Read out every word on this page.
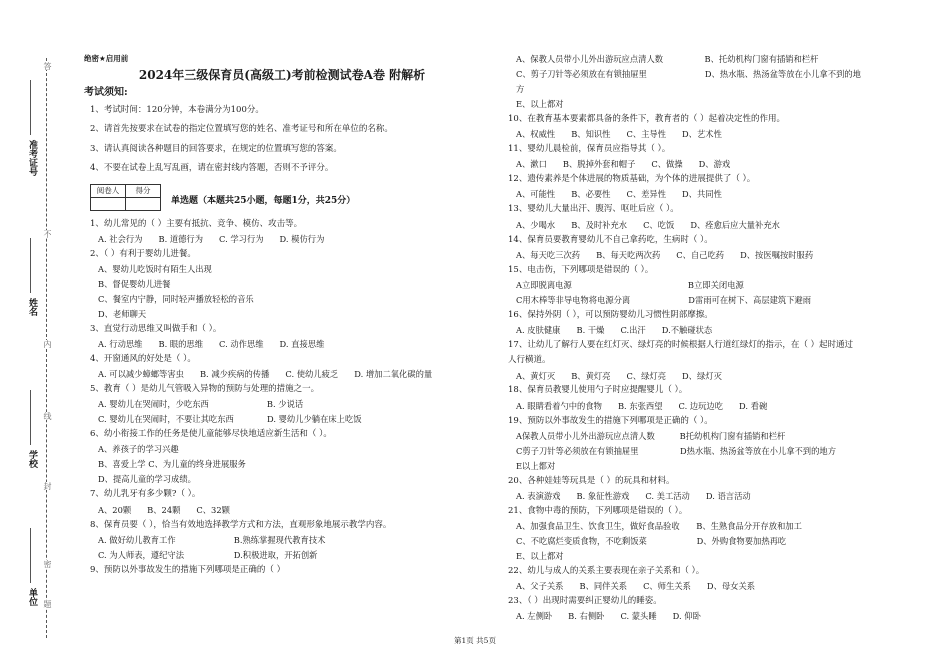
准考证号
姓名
学校
单位
答
不
内
线
封
密
题
绝密★启用前
2024年三级保育员(高级工)考前检测试卷A卷 附解析
考试须知:
1、考试时间：120分钟，本卷满分为100分。
2、请首先按要求在试卷的指定位置填写您的姓名、准考证号和所在单位的名称。
3、请认真阅读各种题目的回答要求，在规定的位置填写您的答案。
4、不要在试卷上乱写乱画，请在密封线内答题，否则不予评分。
阅卷人	得分

单选题（本题共25小题，每题1分，共25分）
1、幼儿常见的（ ）主要有抵抗、竞争、模仿、攻击等。
A. 社会行为 B. 道德行为 C. 学习行为 D. 模仿行为
2、（ ）有利于婴幼儿进餐。
A、婴幼儿吃饭时有陌生人出现
B、督促婴幼儿进餐
C、餐室内宁静，同时轻声播放轻松的音乐
D、老师聊天
3、直觉行动思维又叫做手和（ ）。
A. 行动思维 B. 眼的思维 C. 动作思维 D. 直接思维
4、开窗通风的好处是（ ）。
A. 可以减少蟑螂等害虫 B. 减少疾病的传播 C. 使幼儿疲乏 D. 增加二氧化碳的量
5、教育（ ）是幼儿气管吸入异物的预防与处理的措施之一。
A. 婴幼儿在哭闹时，少吃东西　　　　　　　B. 少说话
C. 婴幼儿在哭闹时，不要让其吃东西　　　　D. 婴幼儿少躺在床上吃饭
6、幼小衔接工作的任务是使儿童能够尽快地适应新生活和（ ）。
A、养孩子的学习兴趣
B、喜爱上学 C、为儿童的终身进展服务
D、提高儿童的学习成绩。
7、幼儿乳牙有多少颗?（ ）。
A、20颗 B、24颗 C、32颗
8、保育员要（ ），恰当有效地选择教学方式和方法，直观形象地展示教学内容。
A. 做好幼儿教育工作　　　　　　　B.熟练掌握现代教育技术
C. 为人师表，遵纪守法　　　　　　D.积极进取，开拓创新
9、预防以外事故发生的措施下列哪项是正确的（ ）
A、保教人员带小儿外出游玩应点清人数　　　　　B、托幼机构门窗有插销和栏杆
C、剪子刀针等必须放在有锁抽屉里　　　　　　　D、热水瓶、热汤盆等放在小儿拿不到的地
方
E、以上都对
10、在教育基本要素都具备的条件下，教育者的（ ）起着决定性的作用。
A、权威性 B、知识性 C、主导性 D、艺术性
11、婴幼儿晨检前，保育员应指导其（ ）。
A、漱口 B、脱掉外套和帽子 C、做操 D、游戏
12、遗传素养是个体进展的物质基础，为个体的进展提供了（ ）。
A、可能性 B、必要性 C、差异性 D、共同性
13、婴幼儿大量出汗、腹泻、呕吐后应（ ）。
A、少喝水 B、及时补充水 C、吃饭 D、痊愈后应大量补充水
14、保育员要教育婴幼儿不自己拿药吃，生病时（ ）。
A、每天吃三次药 B、每天吃两次药 C、自己吃药 D、按医嘱按时服药
15、电击伤，下列哪项是错误的（ ）。
A立即脱离电源　　　　　　　　　　　　　　B立即关闭电源
C用木棒等非导电物将电源分离　　　　　　　D雷雨可在树下、高层建筑下避雨
16、保持外阴（ ），可以预防婴幼儿习惯性阴部摩擦。
A. 皮肤健康 B. 干燥 C.出汗 D.不触碰状态
17、让幼儿了解行人要在红灯灭、绿灯亮的时候根据人行道红绿灯的指示，在（ ）起时通过
人行横道。
A、黄灯灭 B、黄灯亮 C、绿灯亮 D、绿灯灭
18、保育员教婴儿使用勺子时应提醒婴儿（ ）。
A. 眼睛看着勺中的食物 B. 东张西望 C. 边玩边吃 D. 看碗
19、预防以外事故发生的措施下列哪项是正确的（ ）。
A保教人员带小儿外出游玩应点清人数　　　B托幼机构门窗有插销和栏杆
C剪子刀针等必须放在有锁抽屉里　　　　　D热水瓶、热汤盆等放在小儿拿不到的地方
E以上都对
20、各种娃娃等玩具是（ ）的玩具和材料。
A. 表演游戏 B. 象征性游戏 C. 美工活动 D. 语言活动
21、食物中毒的预防，下列哪项是错误的（ ）。
A、加强食品卫生、饮食卫生，做好食品验收　　B、生熟食品分开存放和加工
C、不吃腐烂变质食物，不吃剩饭菜　　　　　　D、外购食物要加热再吃
E、以上都对
22、幼儿与成人的关系主要表现在亲子关系和（ ）。
A、父子关系 B、同伴关系 C、师生关系 D、母女关系
23、（ ）出现时需要纠正婴幼儿的睡姿。
A. 左侧卧 B. 右侧卧 C. 蒙头睡 D. 仰卧
第1页 共5页
